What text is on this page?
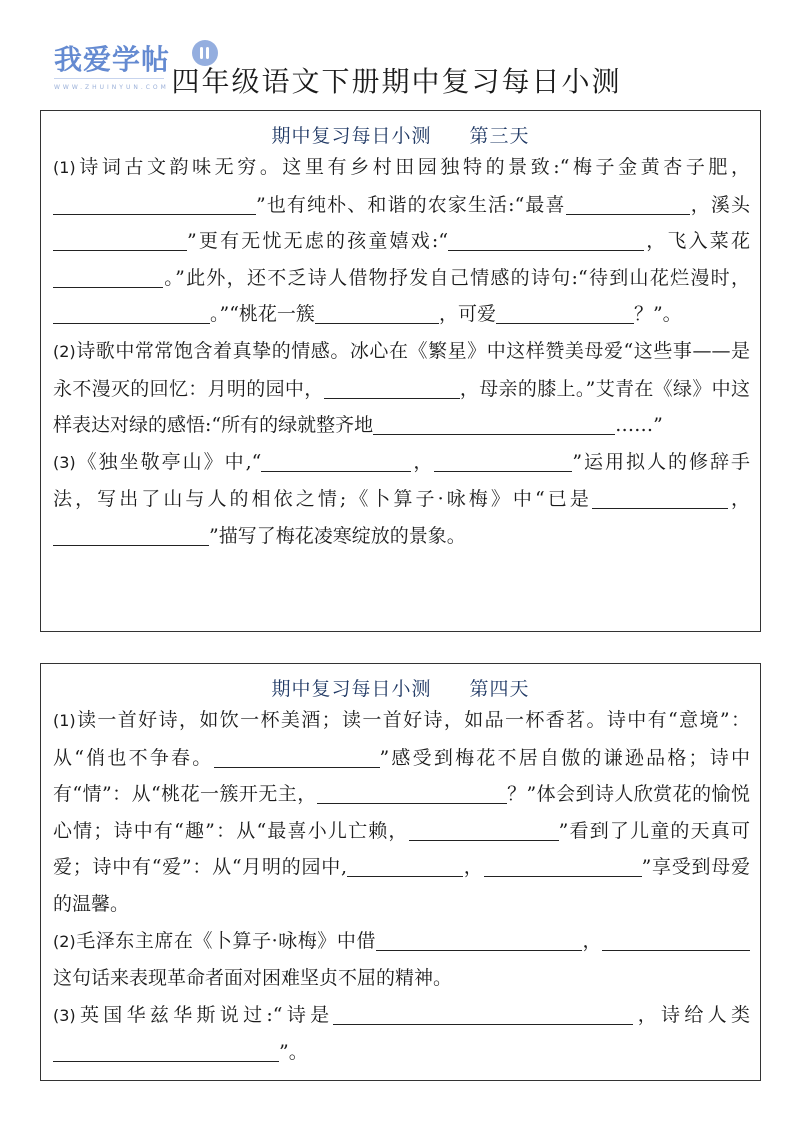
我爱学帖
WWW.ZHUINYUN.COM 四年级语文下册期中复习每日小测
期中复习每日小测 第三天

(1)诗词古文韵味无穷。这里有乡村田园独特的景致:“梅子金黄杏子肥，”也有纯朴、和谐的农家生活:“最喜	，溪头”更有无忧无虑的孩童嬉戏:“	，飞入菜花。”此外，还不乏诗人借物抒发自己情感的诗句:“待到山花烂漫时，。”“桃花一簇	，可爱	？”。

(2)诗歌中常常饱含着真挚的情感。冰心在《繁星》中这样赞美母爱“这些事——是永不漫灭的回忆：月明的园中，	，母亲的膝上。”艾青在《绿》中这样表达对绿的感悟:“所有的绿就整齐地	……”

(3)《独坐敬亭山》中,“	，	”运用拟人的修辞手法，写出了山与人的相依之情;《卜算子·咏梅》中“已是	，”描写了梅花凌寒绽放的景象。

期中复习每日小测 第四天

(1)读一首好诗，如饮一杯美酒；读一首好诗，如品一杯香茗。诗中有“意境”：从“俏也不争春。	”感受到梅花不居自傲的谦逊品格；诗中有“情”：从“桃花一簇开无主，	？”体会到诗人欣赏花的愉悦心情；诗中有“趣”：从“最喜小儿亡赖，	”看到了儿童的天真可爱；诗中有“爱”：从“月明的园中,	，	”享受到母爱的温馨。

(2)毛泽东主席在《卜算子·咏梅》中借	，这句话来表现革命者面对困难坚贞不屈的精神。

(3)英国华兹华斯说过:“诗是	，诗给人类”。
